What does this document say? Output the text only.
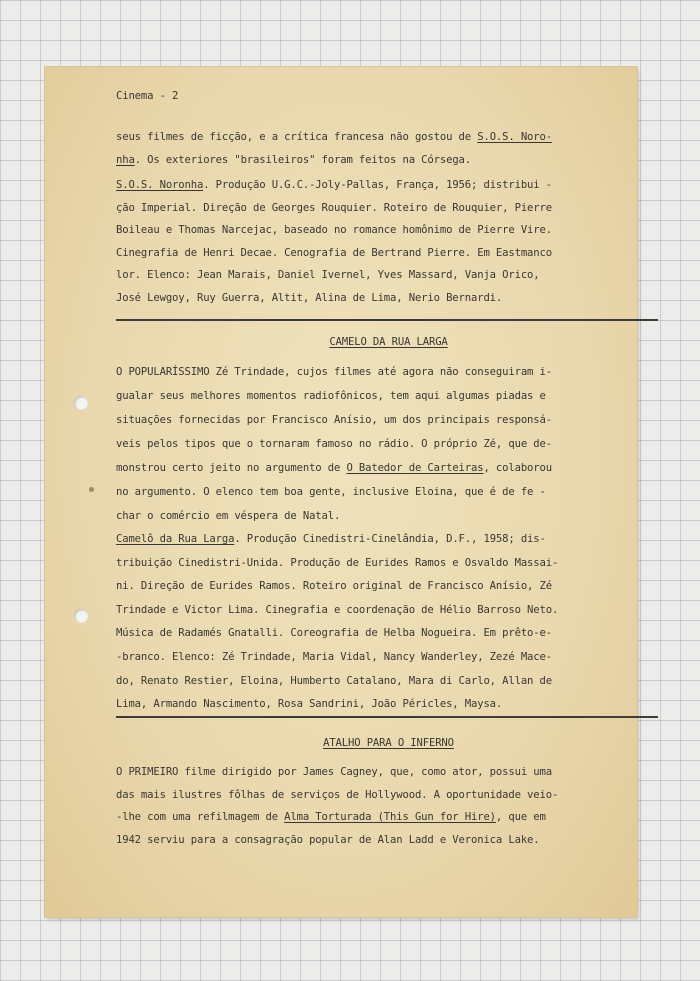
Cinema - 2
seus filmes de ficção, e a crítica francesa não gostou de S.O.S. Noro-
nha. Os exteriores "brasileiros" foram feitos na Córsega.
S.O.S. Noronha. Produção U.G.C.-Joly-Pallas, França, 1956; distribui -
ção Imperial. Direção de Georges Rouquier. Roteiro de Rouquier, Pierre
Boileau e Thomas Narcejac, baseado no romance homônimo de Pierre Vire.
Cinegrafia de Henri Decae. Cenografia de Bertrand Pierre. Em Eastmanco
lor. Elenco: Jean Marais, Daniel Ivernel, Yves Massard, Vanja Orico,
José Lewgoy, Ruy Guerra, Altit, Alina de Lima, Nerio Bernardi.
CAMELO DA RUA LARGA
O POPULARÍSSIMO Zé Trindade, cujos filmes até agora não conseguiram i-
gualar seus melhores momentos radiofônicos, tem aqui algumas piadas e
situações fornecidas por Francisco Anísio, um dos principais responsá-
veis pelos tipos que o tornaram famoso no rádio. O próprio Zé, que de-
monstrou certo jeito no argumento de O Batedor de Carteiras, colaborou
no argumento. O elenco tem boa gente, inclusive Eloina, que é de fe -
char o comércio em véspera de Natal.
Camelô da Rua Larga. Produção Cinedistri-Cinelândia, D.F., 1958; dis-
tribuição Cinedistri-Unida. Produção de Eurides Ramos e Osvaldo Massai-
ni. Direção de Eurides Ramos. Roteiro original de Francisco Anísio, Zé
Trindade e Victor Lima. Cinegrafia e coordenação de Hélio Barroso Neto.
Música de Radamés Gnatalli. Coreografia de Helba Nogueira. Em prêto-e-
-branco. Elenco: Zé Trindade, Maria Vidal, Nancy Wanderley, Zezé Mace-
do, Renato Restier, Eloina, Humberto Catalano, Mara di Carlo, Allan de
Lima, Armando Nascimento, Rosa Sandrini, João Péricles, Maysa.
ATALHO PARA O INFERNO
O PRIMEIRO filme dirigido por James Cagney, que, como ator, possui uma
das mais ilustres fôlhas de serviços de Hollywood. A oportunidade veio-
-lhe com uma refilmagem de Alma Torturada (This Gun for Hire), que em
1942 serviu para a consagração popular de Alan Ladd e Veronica Lake.
